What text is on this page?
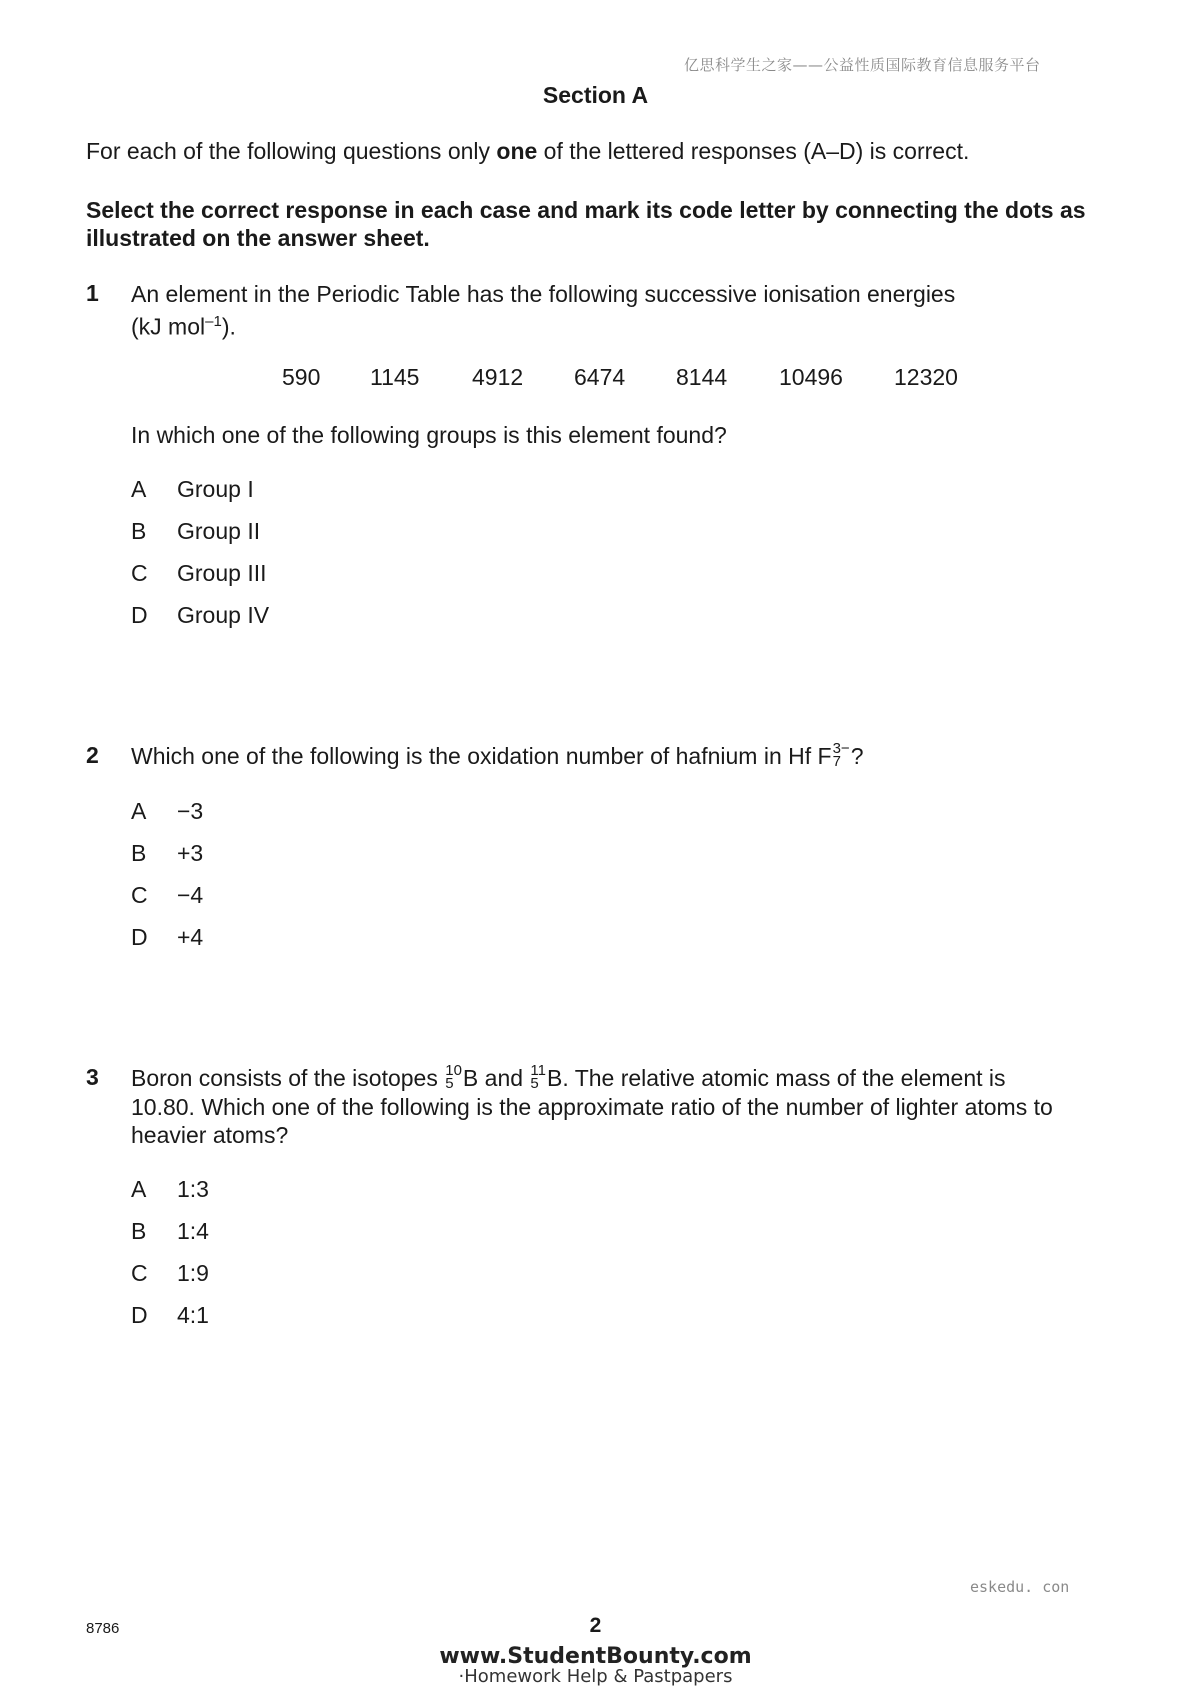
亿思科学生之家——公益性质国际教育信息服务平台
Section A
For each of the following questions only one of the lettered responses (A–D) is correct.
Select the correct response in each case and mark its code letter by connecting the dots as illustrated on the answer sheet.
1 An element in the Periodic Table has the following successive ionisation energies
(kJ mol$^{-1}$).
590	1145	4912	6474	8144	10496	12320
In which one of the following groups is this element found?
A	Group I
B	Group II
C	Group III
D	Group IV
2 Which one of the following is the oxidation number of hafnium in Hf F 3−
7 ?
A	−3
B	+3
C	−4
D	+4
3 Boron consists of the isotopes 10
5 B and 11
5 B. The relative atomic mass of the element is
10.80. Which one of the following is the approximate ratio of the number of lighter atoms to
heavier atoms?
A	1:3
B	1:4
C	1:9
D	4:1
eskedu. con
8786	2
www.StudentBounty.com
·Homework Help & Pastpapers
